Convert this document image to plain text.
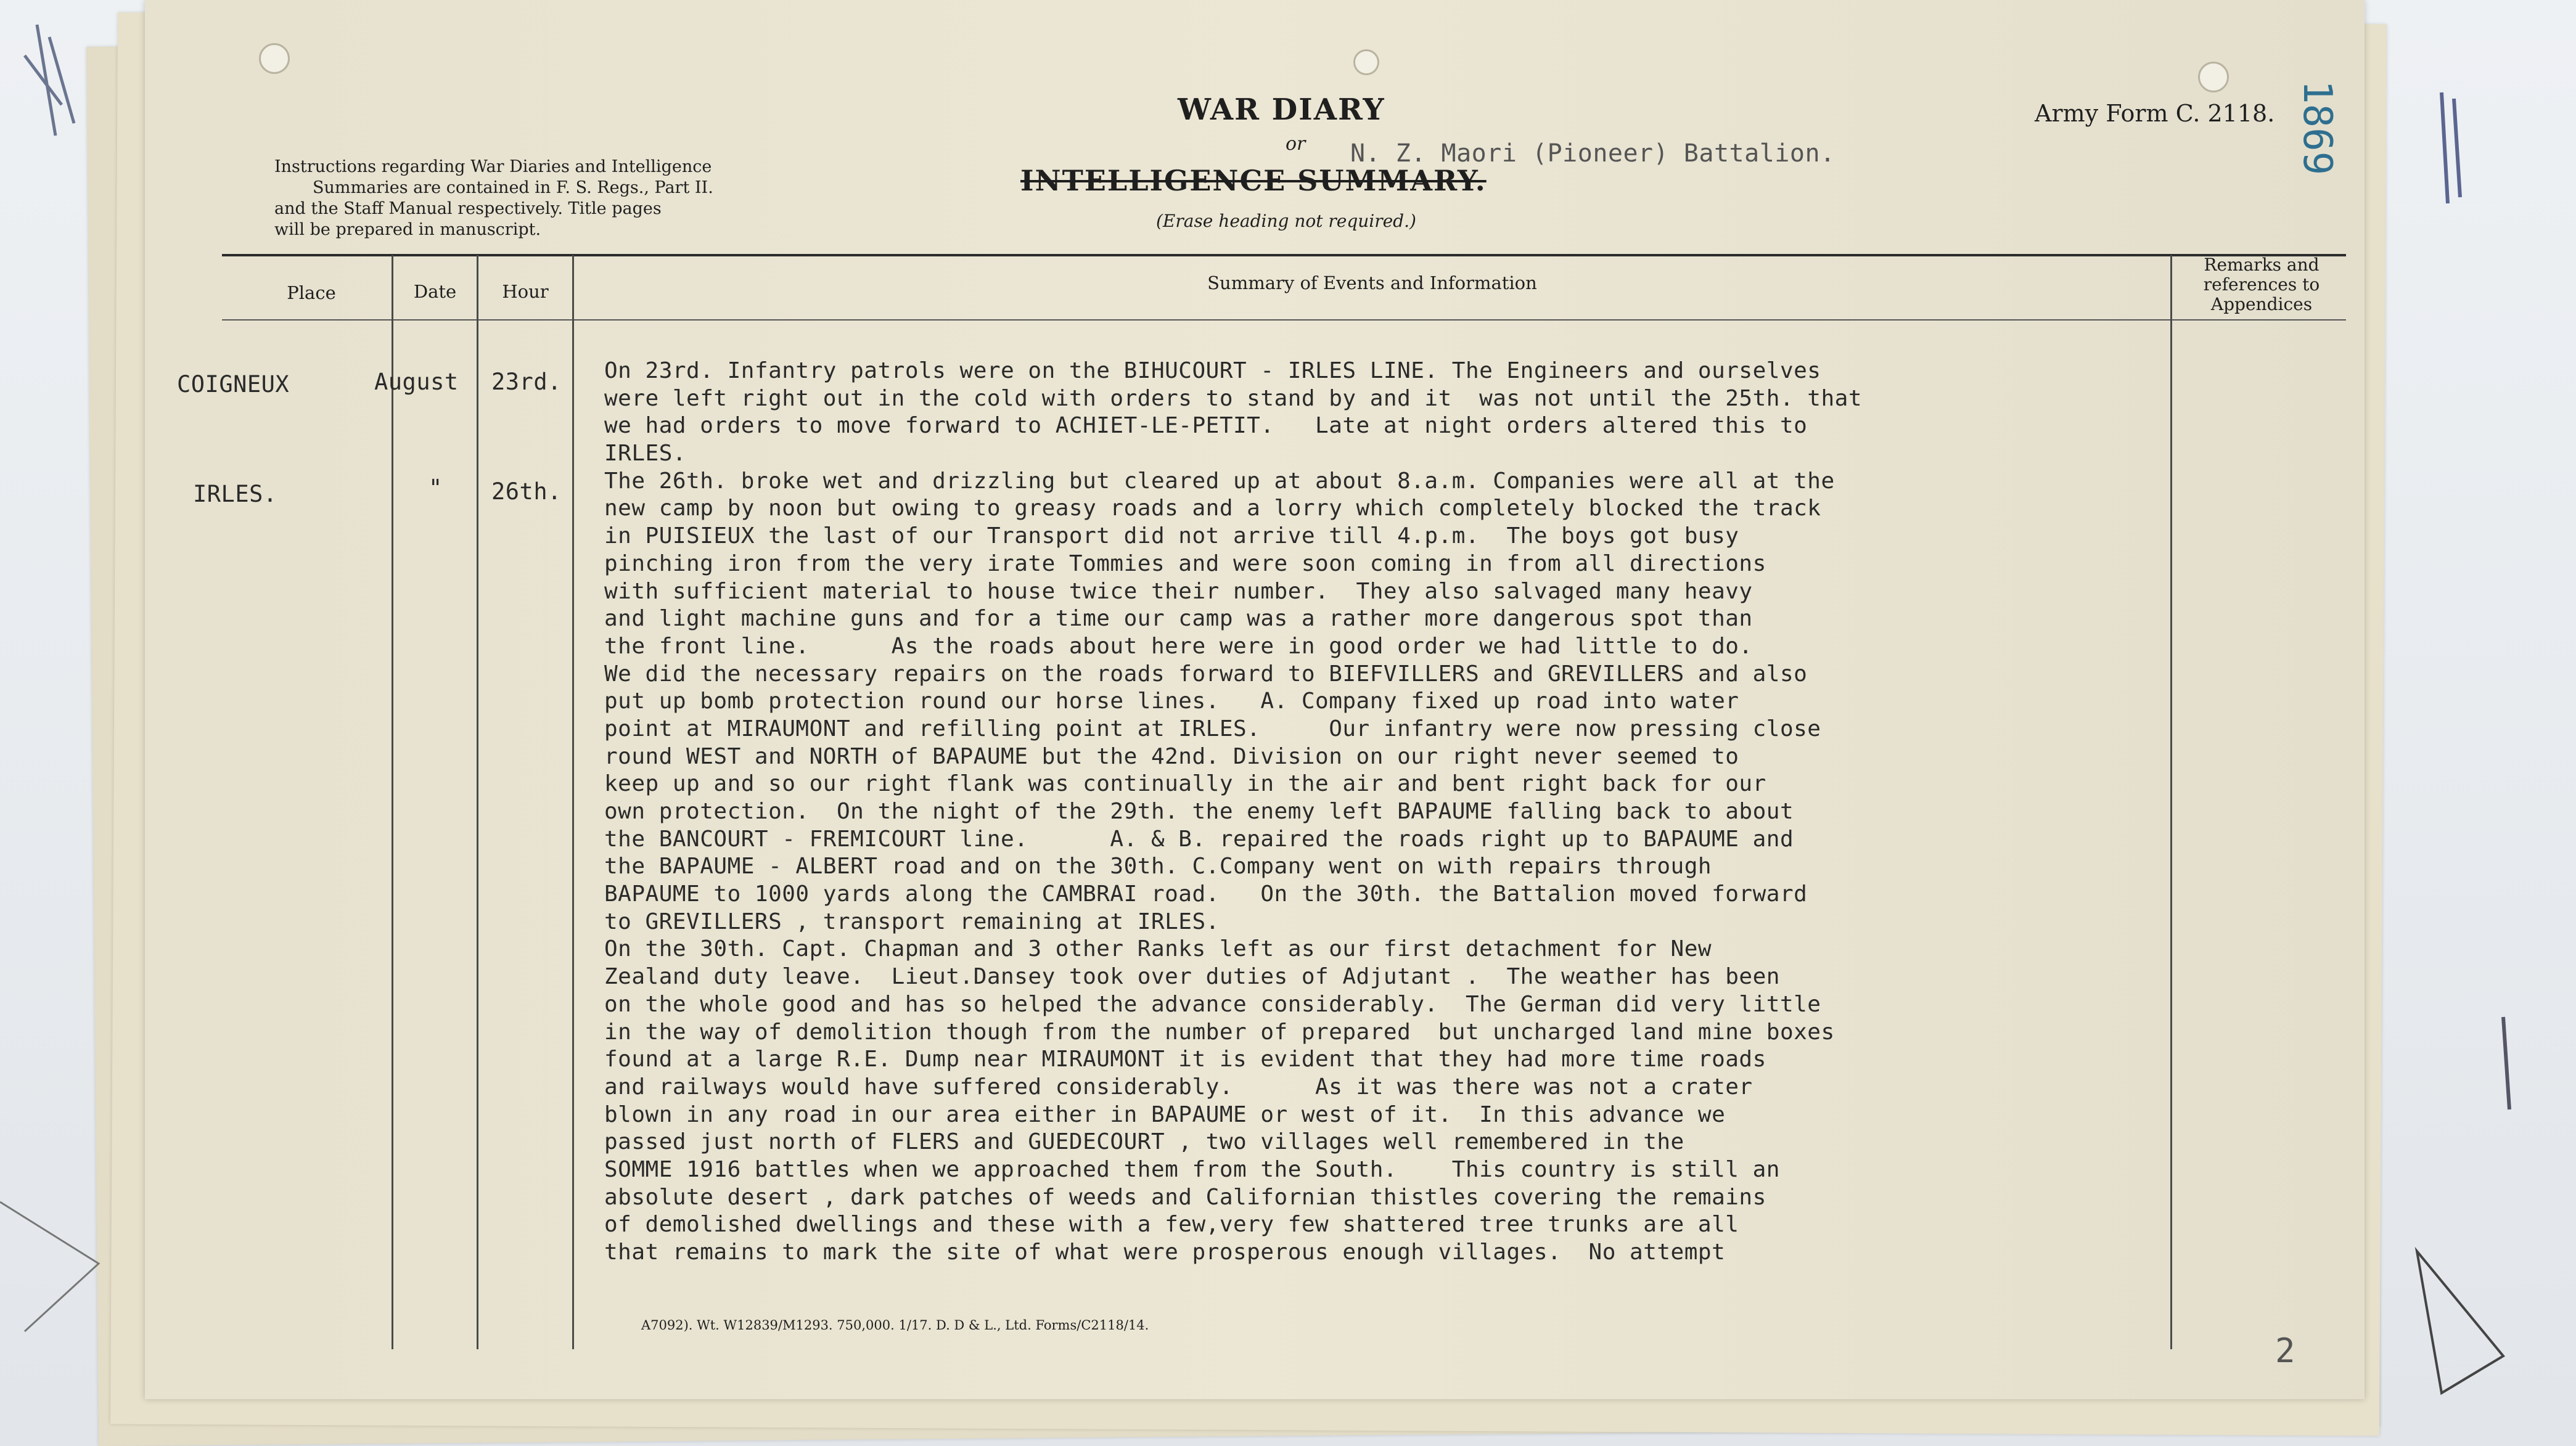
WAR DIARY
or N. Z. Maori (Pioneer) Battalion.
INTELLIGENCE SUMMARY.
(Erase heading not required.)
Army Form C. 2118. 1869
Instructions regarding War Diaries and Intelligence
Summaries are contained in F. S. Regs., Part II.
and the Staff Manual respectively. Title pages
will be prepared in manuscript.
Place	Date	Hour	Summary of Events and Information
Remarks and
references to
Appendices
COIGNEUX	August 23rd.
IRLES.	" 26th.
On 23rd. Infantry patrols were on the BIHUCOURT - IRLES LINE. The Engineers and ourselves
were left right out in the cold with orders to stand by and it  was not until the 25th. that
we had orders to move forward to ACHIET-LE-PETIT.   Late at night orders altered this to
IRLES.
The 26th. broke wet and drizzling but cleared up at about 8.a.m. Companies were all at the
new camp by noon but owing to greasy roads and a lorry which completely blocked the track
in PUISIEUX the last of our Transport did not arrive till 4.p.m.  The boys got busy
pinching iron from the very irate Tommies and were soon coming in from all directions
with sufficient material to house twice their number.  They also salvaged many heavy
and light machine guns and for a time our camp was a rather more dangerous spot than
the front line.      As the roads about here were in good order we had little to do.
We did the necessary repairs on the roads forward to BIEFVILLERS and GREVILLERS and also
put up bomb protection round our horse lines.   A. Company fixed up road into water
point at MIRAUMONT and refilling point at IRLES.     Our infantry were now pressing close
round WEST and NORTH of BAPAUME but the 42nd. Division on our right never seemed to
keep up and so our right flank was continually in the air and bent right back for our
own protection.  On the night of the 29th. the enemy left BAPAUME falling back to about
the BANCOURT - FREMICOURT line.      A. & B. repaired the roads right up to BAPAUME and
the BAPAUME - ALBERT road and on the 30th. C.Company went on with repairs through
BAPAUME to 1000 yards along the CAMBRAI road.   On the 30th. the Battalion moved forward
to GREVILLERS , transport remaining at IRLES.
On the 30th. Capt. Chapman and 3 other Ranks left as our first detachment for New
Zealand duty leave.  Lieut.Dansey took over duties of Adjutant .  The weather has been
on the whole good and has so helped the advance considerably.  The German did very little
in the way of demolition though from the number of prepared  but uncharged land mine boxes
found at a large R.E. Dump near MIRAUMONT it is evident that they had more time roads
and railways would have suffered considerably.      As it was there was not a crater
blown in any road in our area either in BAPAUME or west of it.  In this advance we
passed just north of FLERS and GUEDECOURT , two villages well remembered in the
SOMME 1916 battles when we approached them from the South.    This country is still an
absolute desert , dark patches of weeds and Californian thistles covering the remains
of demolished dwellings and these with a few,very few shattered tree trunks are all
that remains to mark the site of what were prosperous enough villages.  No attempt
A7092). Wt. W12839/M1293. 750,000. 1/17. D. D & L., Ltd. Forms/C2118/14.
2
